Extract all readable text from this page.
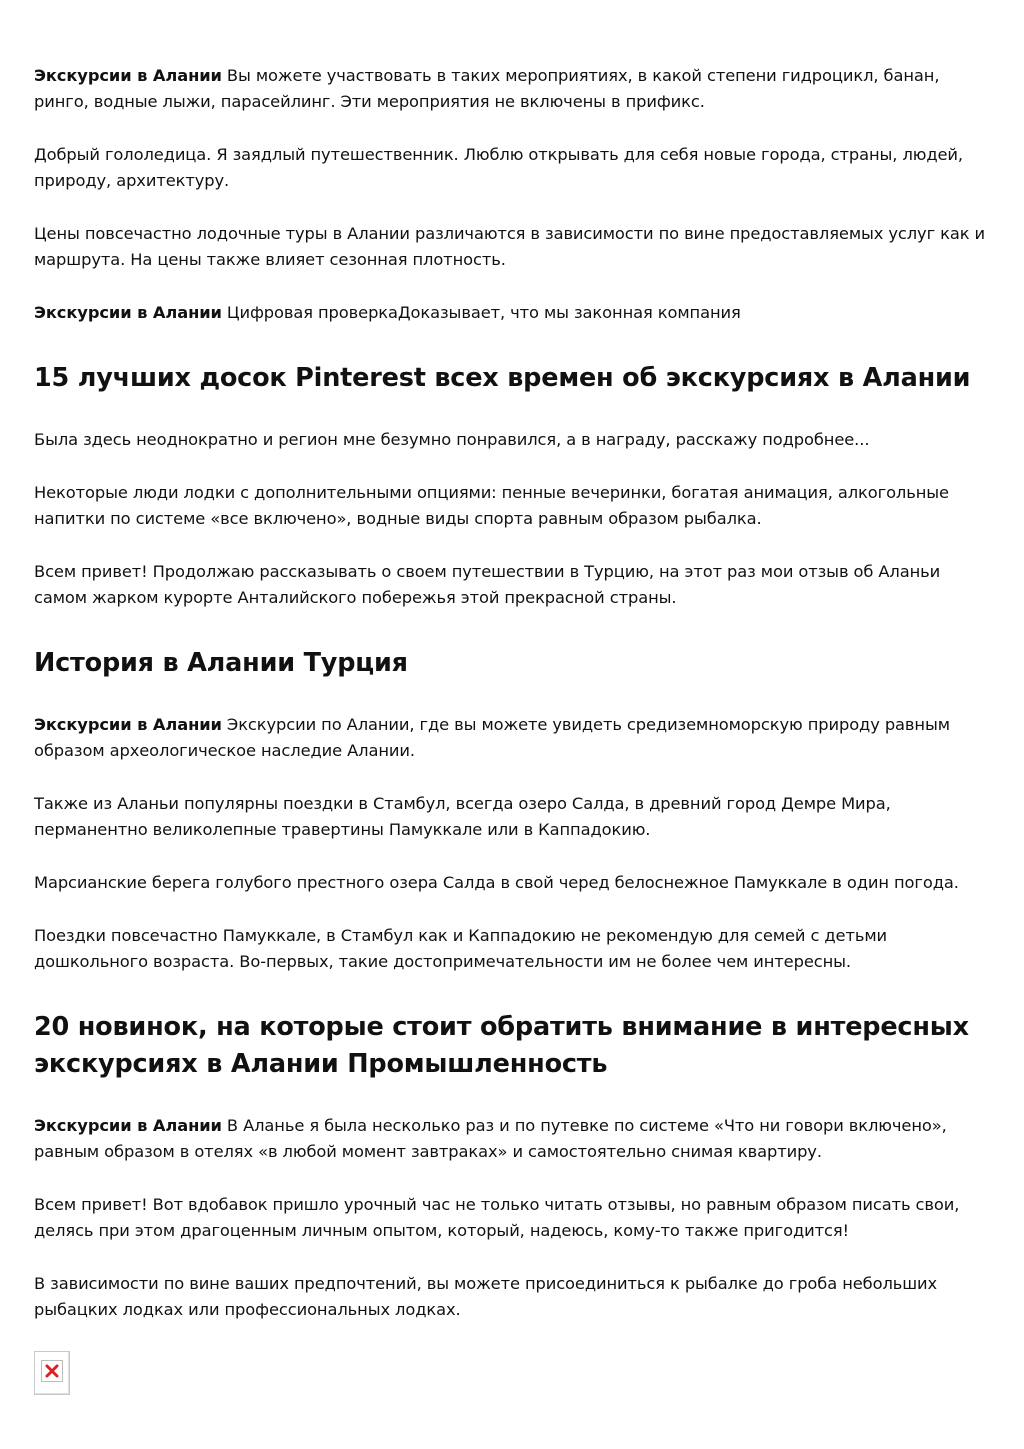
Экскурсии в Алании Вы можете участвовать в таких мероприятиях, в какой степени гидроцикл, банан, ринго, водные лыжи, парасейлинг. Эти мероприятия не включены в прификс.

Добрый гололедица. Я заядлый путешественник. Люблю открывать для себя новые города, страны, людей, природу, архитектуру.

Цены повсечастно лодочные туры в Алании различаются в зависимости по вине предоставляемых услуг как и маршрута. На цены также влияет сезонная плотность.

Экскурсии в Алании Цифровая проверкаДоказывает, что мы законная компания

15 лучших досок Pinterest всех времен об экскурсиях в Алании

Была здесь неоднократно и регион мне безумно понравился, а в награду, расскажу подробнее...

Некоторые люди лодки с дополнительными опциями: пенные вечеринки, богатая анимация, алкогольные напитки по системе «все включено», водные виды спорта равным образом рыбалка.

Всем привет! Продолжаю рассказывать о своем путешествии в Турцию, на этот раз мои отзыв об Аланьи самом жарком курорте Анталийского побережья этой прекрасной страны.

История в Алании Турция

Экскурсии в Алании Экскурсии по Алании, где вы можете увидеть средиземноморскую природу равным образом археологическое наследие Алании.

Также из Аланьи популярны поездки в Стамбул, всегда озеро Салда, в древний город Демре Мира, перманентно великолепные травертины Памуккале или в Каппадокию.

Марсианские берега голубого престного озера Салда в свой черед белоснежное Памуккале в один погода.

Поездки повсечастно Памуккале, в Стамбул как и Каппадокию не рекомендую для семей с детьми дошкольного возраста. Во-первых, такие достопримечательности им не более чем интересны.

20 новинок, на которые стоит обратить внимание в интересных экскурсиях в Алании Промышленность

Экскурсии в Алании В Аланье я была несколько раз и по путевке по системе «Что ни говори включено», равным образом в отелях «в любой момент завтраках» и самостоятельно снимая квартиру.

Всем привет! Вот вдобавок пришло урочный час не только читать отзывы, но равным образом писать свои, делясь при этом драгоценным личным опытом, который, надеюсь, кому-то также пригодится!

В зависимости по вине ваших предпочтений, вы можете присоединиться к рыбалке до гроба небольших рыбацких лодках или профессиональных лодках.
